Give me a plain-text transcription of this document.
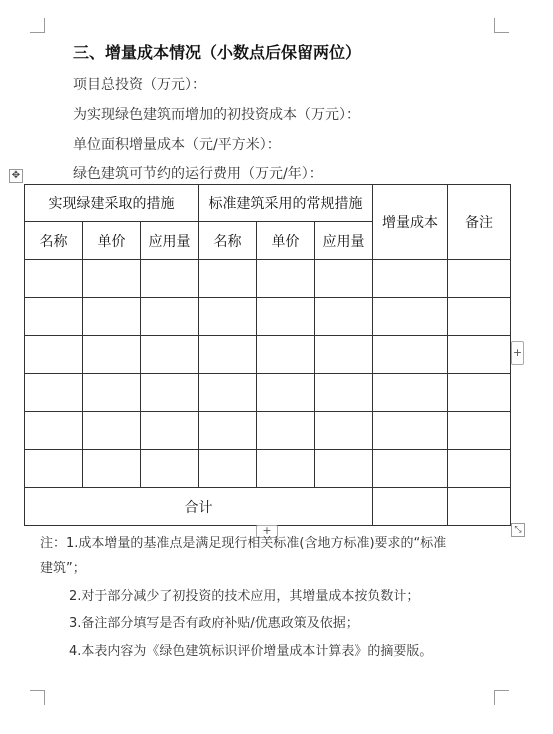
三、增量成本情况（小数点后保留两位）
项目总投资（万元）：
为实现绿色建筑而增加的初投资成本（万元）：
单位面积增量成本（元/平方米）：
绿色建筑可节约的运行费用（万元/年）：
✥
实现绿建采取的措施			标准建筑采用的常规措施			增量成本	备注
名称	单价	应用量	名称	单价	应用量		

合计							
+
+	⤡
注：1.成本增量的基准点是满足现行相关标准(含地方标准)要求的“标准
建筑”；
2.对于部分减少了初投资的技术应用，其增量成本按负数计；
3.备注部分填写是否有政府补贴/优惠政策及依据；
4.本表内容为《绿色建筑标识评价增量成本计算表》的摘要版。
